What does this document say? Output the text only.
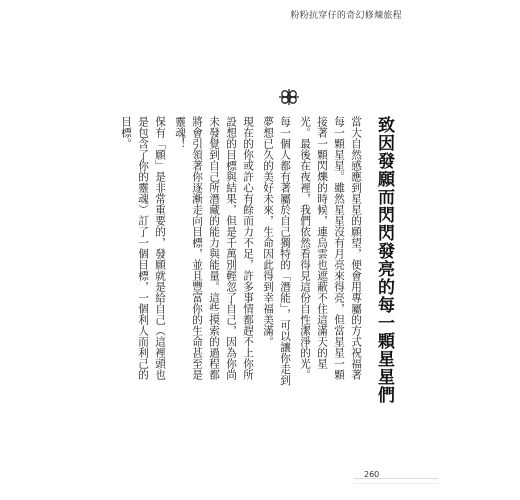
粉粉抗穿仔的奇幻修煉旅程
致因發願而閃閃發亮的每一顆星星們

當大自然感應到星星的願望，便會用專屬的方式祝福著每一顆星星。雖然星星沒有月亮來得亮，但當星星一顆接著一顆閃爍的時候，連烏雲也遮蔽不住這滿天的星光。最後在夜裡，我們依然看得見這份自性潔淨的光。

每一個人都有著屬於自己獨特的「潛能」，可以讓你走到夢想已久的美好未來，生命因此得到幸福美滿。

現在的你或許心有餘而力不足，許多事情都趕不上你所設想的目標與結果，但是千萬別輕忽了自己，因為你尚未發覺到自己所潛藏的能力與能量。這些摸索的過程都將會引領著你逐漸走向目標，並且豐富你的生命甚至是靈魂！

保有「願」是非常重要的，發願就是給自己（這裡頭也是包含了你的靈魂）訂了一個目標，一個利人而利己的目標。

260
